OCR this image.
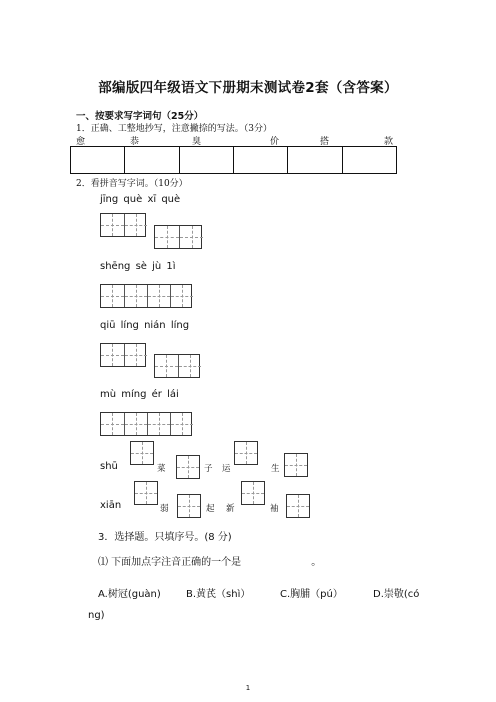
部编版四年级语文下册期末测试卷2套（含答案）
一、按要求写字词句（25分）
1．正确、工整地抄写，注意撇捺的写法。（3分）
愈	恭	臭	价	搭	款

2．看拼音写字词。（10分）
jīng què xī què
shēng sè jù 1ì
qiū líng nián líng
mù míng ér lái
shū	菜	子 运	生
xiān	弱	起 新	袖
3．选择题。只填序号。(8 分)
⑴ 下面加点字注音正确的一个是	。
A.树冠(guàn)	B.黄芪（shì）	C.胸脯（pú）	D.崇敬(có
ng)
1
